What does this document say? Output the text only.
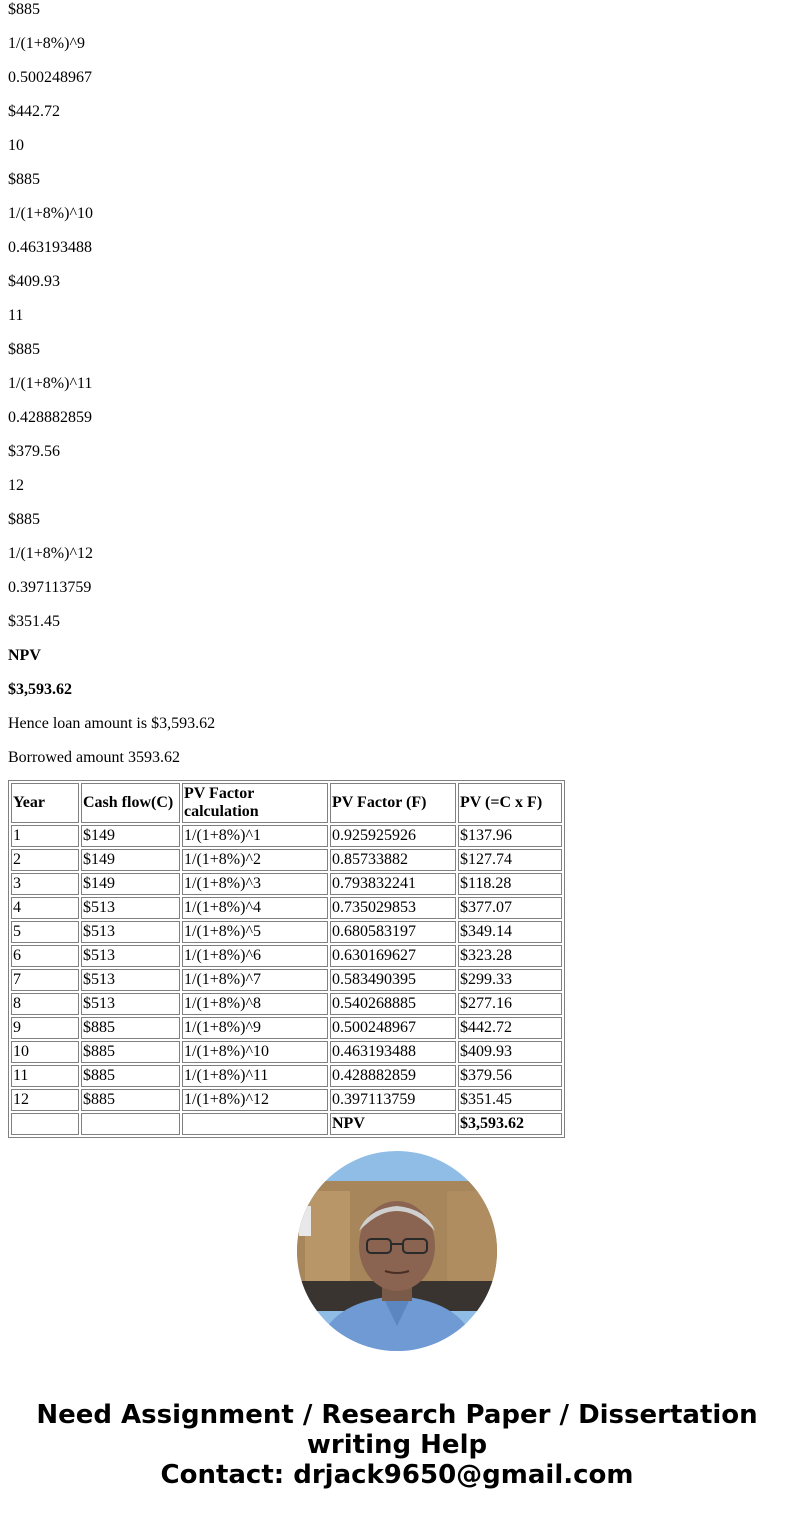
$885

1/(1+8%)^9

0.500248967

$442.72

10

$885

1/(1+8%)^10

0.463193488

$409.93

11

$885

1/(1+8%)^11

0.428882859

$379.56

12

$885

1/(1+8%)^12

0.397113759

$351.45

NPV

$3,593.62

Hence loan amount is $3,593.62

Borrowed amount 3593.62

Year	Cash flow(C)	PV Factor calculation	PV Factor (F)	PV (=C x F)
1	$149	1/(1+8%)^1	0.925925926	$137.96
2	$149	1/(1+8%)^2	0.85733882	$127.74
3	$149	1/(1+8%)^3	0.793832241	$118.28
4	$513	1/(1+8%)^4	0.735029853	$377.07
5	$513	1/(1+8%)^5	0.680583197	$349.14
6	$513	1/(1+8%)^6	0.630169627	$323.28
7	$513	1/(1+8%)^7	0.583490395	$299.33
8	$513	1/(1+8%)^8	0.540268885	$277.16
9	$885	1/(1+8%)^9	0.500248967	$442.72
10	$885	1/(1+8%)^10	0.463193488	$409.93
11	$885	1/(1+8%)^11	0.428882859	$379.56
12	$885	1/(1+8%)^12	0.397113759	$351.45
			NPV	$3,593.62
Need Assignment / Research Paper / Dissertation
writing Help
Contact: drjack9650@gmail.com
